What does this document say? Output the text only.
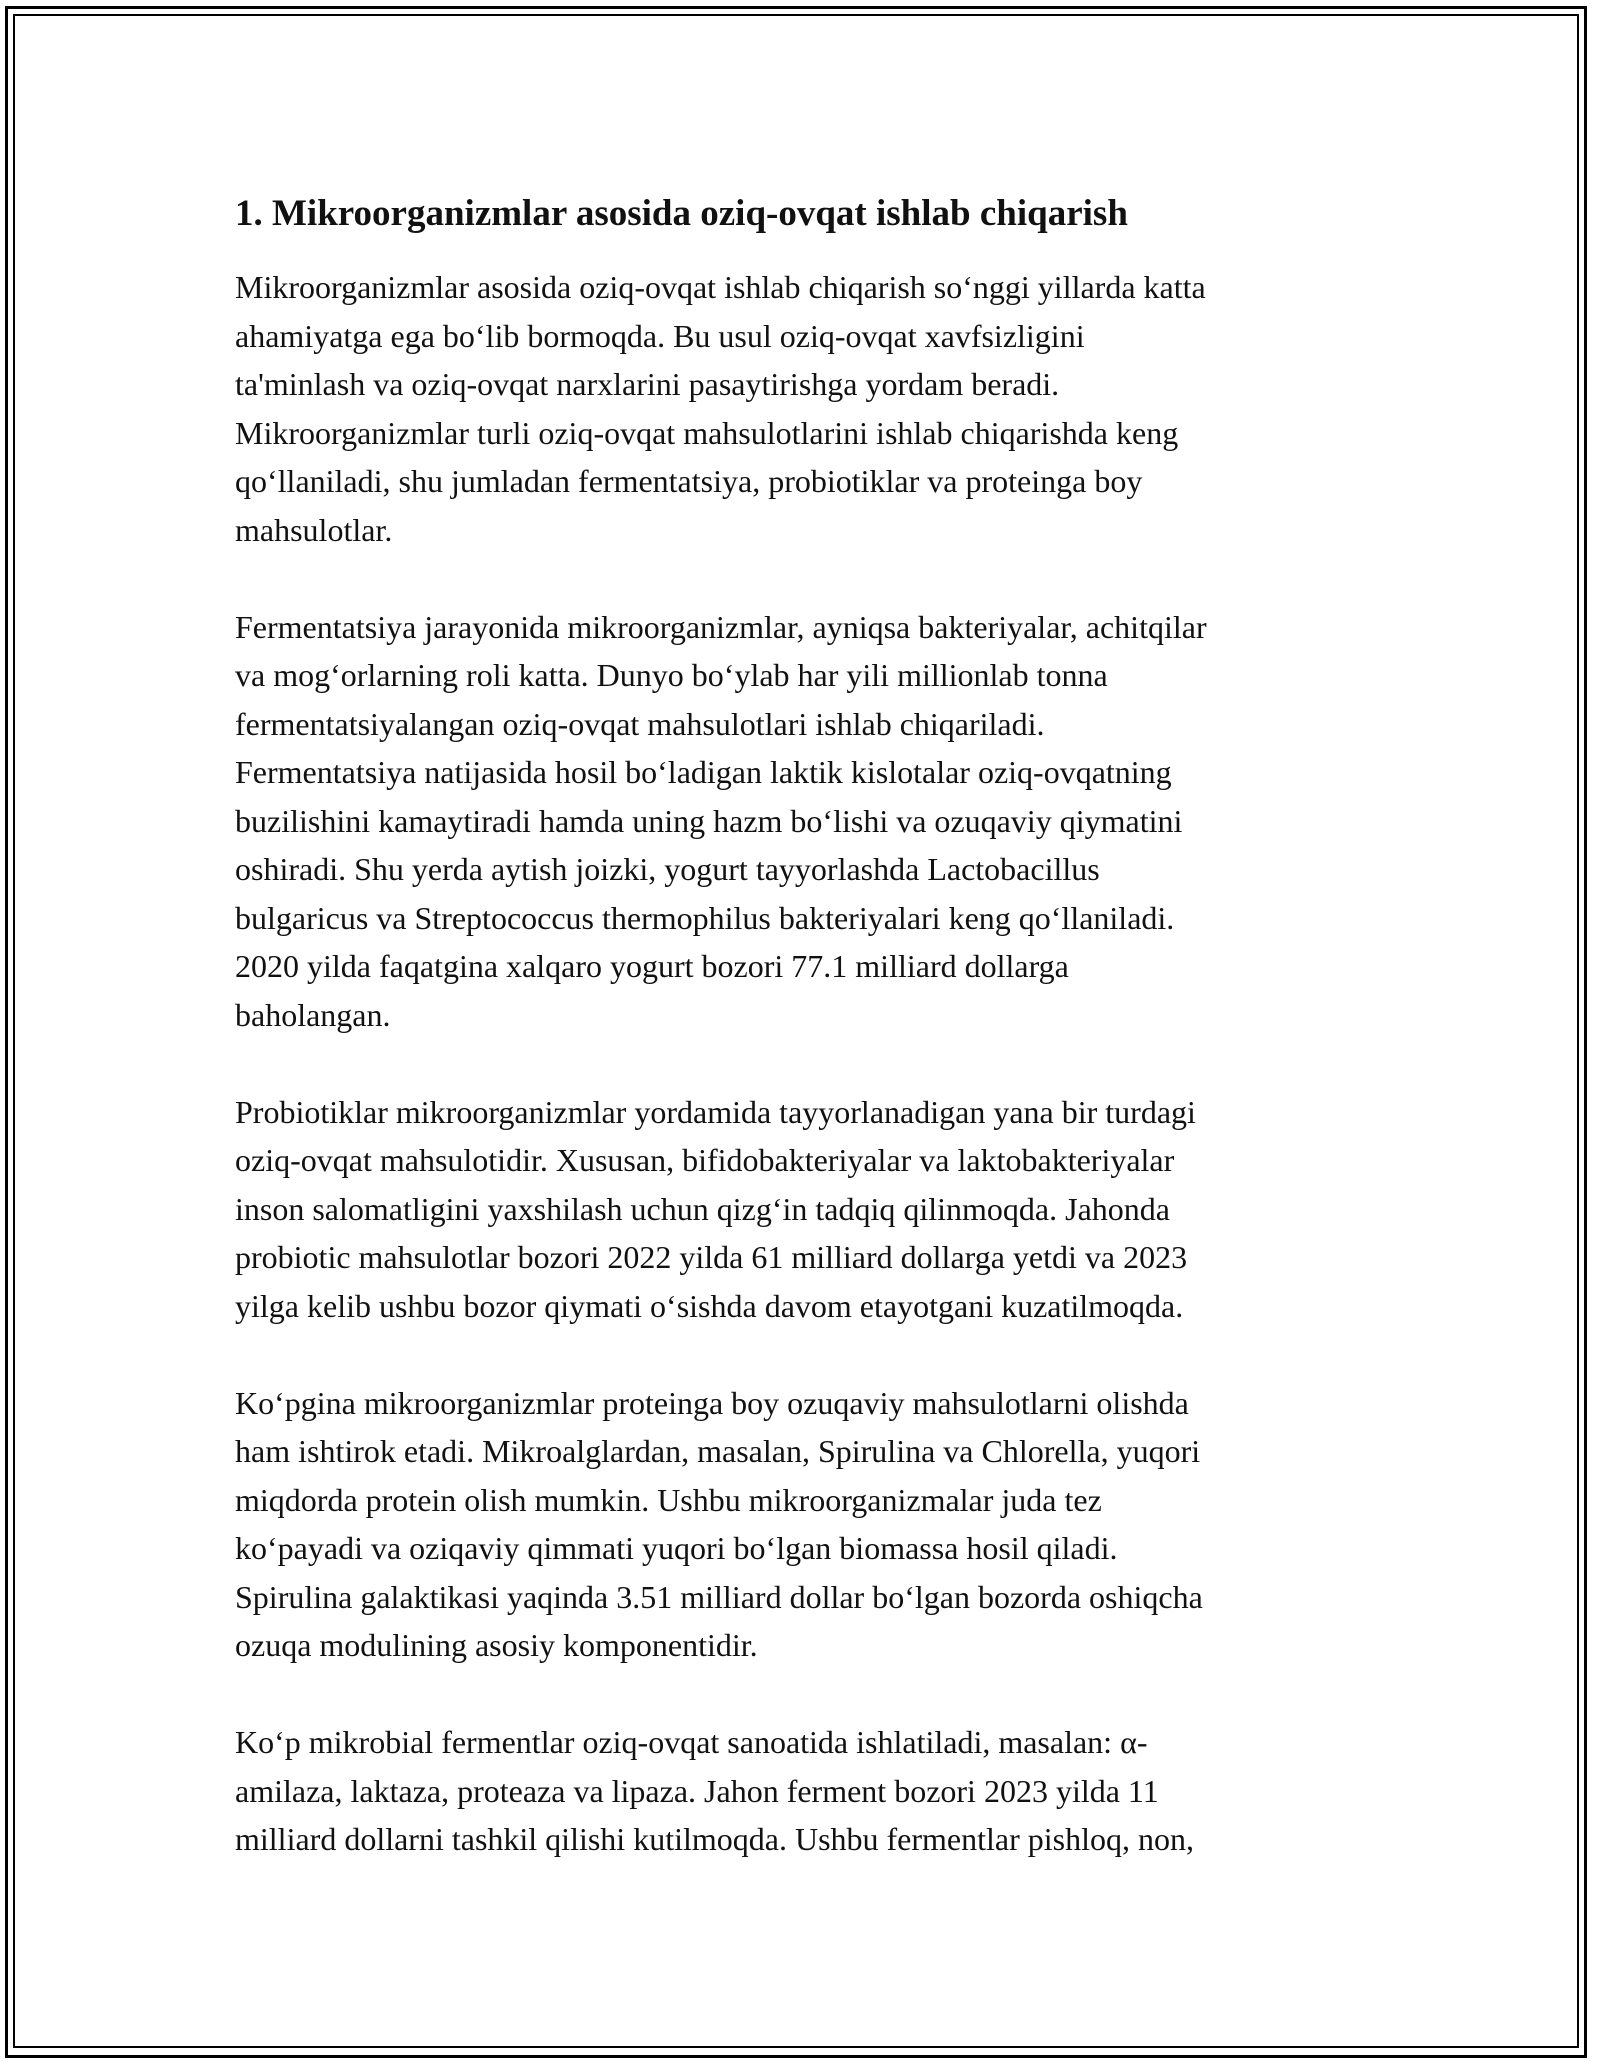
1. Mikroorganizmlar asosida oziq-ovqat ishlab chiqarish

Mikroorganizmlar asosida oziq-ovqat ishlab chiqarish so‘nggi yillarda katta
ahamiyatga ega bo‘lib bormoqda. Bu usul oziq-ovqat xavfsizligini
ta'minlash va oziq-ovqat narxlarini pasaytirishga yordam beradi.
Mikroorganizmlar turli oziq-ovqat mahsulotlarini ishlab chiqarishda keng
qo‘llaniladi, shu jumladan fermentatsiya, probiotiklar va proteinga boy
mahsulotlar.

Fermentatsiya jarayonida mikroorganizmlar, ayniqsa bakteriyalar, achitqilar
va mog‘orlarning roli katta. Dunyo bo‘ylab har yili millionlab tonna
fermentatsiyalangan oziq-ovqat mahsulotlari ishlab chiqariladi.
Fermentatsiya natijasida hosil bo‘ladigan laktik kislotalar oziq-ovqatning
buzilishini kamaytiradi hamda uning hazm bo‘lishi va ozuqaviy qiymatini
oshiradi. Shu yerda aytish joizki, yogurt tayyorlashda Lactobacillus
bulgaricus va Streptococcus thermophilus bakteriyalari keng qo‘llaniladi.
2020 yilda faqatgina xalqaro yogurt bozori 77.1 milliard dollarga
baholangan.

Probiotiklar mikroorganizmlar yordamida tayyorlanadigan yana bir turdagi
oziq-ovqat mahsulotidir. Xususan, bifidobakteriyalar va laktobakteriyalar
inson salomatligini yaxshilash uchun qizg‘in tadqiq qilinmoqda. Jahonda
probiotic mahsulotlar bozori 2022 yilda 61 milliard dollarga yetdi va 2023
yilga kelib ushbu bozor qiymati o‘sishda davom etayotgani kuzatilmoqda.

Ko‘pgina mikroorganizmlar proteinga boy ozuqaviy mahsulotlarni olishda
ham ishtirok etadi. Mikroalglardan, masalan, Spirulina va Chlorella, yuqori
miqdorda protein olish mumkin. Ushbu mikroorganizmalar juda tez
ko‘payadi va oziqaviy qimmati yuqori bo‘lgan biomassa hosil qiladi.
Spirulina galaktikasi yaqinda 3.51 milliard dollar bo‘lgan bozorda oshiqcha
ozuqa modulining asosiy komponentidir.

Ko‘p mikrobial fermentlar oziq-ovqat sanoatida ishlatiladi, masalan: α-
amilaza, laktaza, proteaza va lipaza. Jahon ferment bozori 2023 yilda 11
milliard dollarni tashkil qilishi kutilmoqda. Ushbu fermentlar pishloq, non,
